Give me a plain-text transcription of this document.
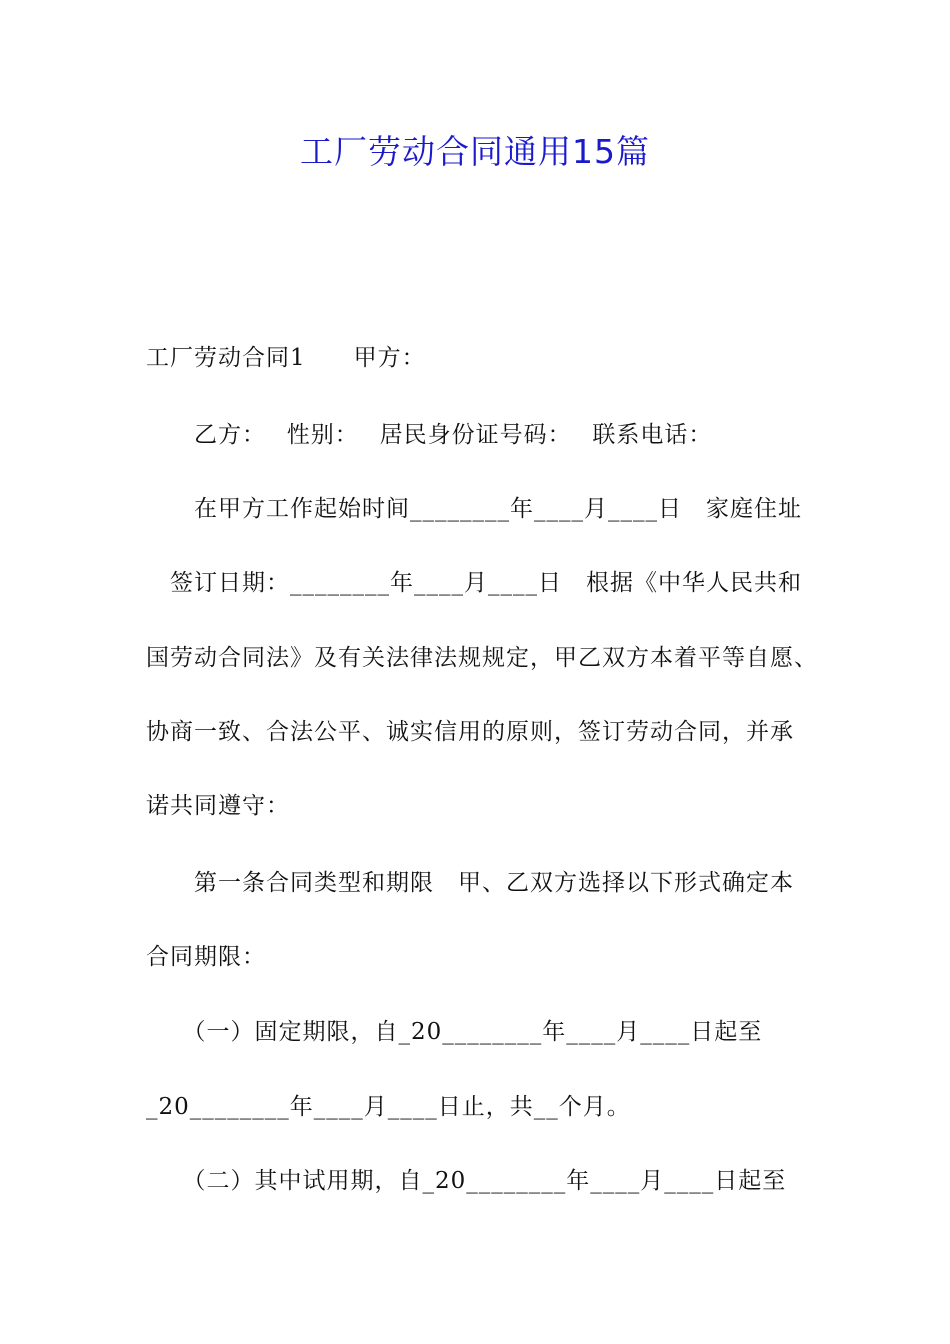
工厂劳动合同通用15篇
工厂劳动合同1　　甲方：
　　乙方：　 性别：　 居民身份证号码：　 联系电话：
　　在甲方工作起始时间________年____月____日　家庭住址
　签订日期：________年____月____日　根据《中华人民共和
国劳动合同法》及有关法律法规规定，甲乙双方本着平等自愿、
协商一致、合法公平、诚实信用的原则，签订劳动合同，并承
诺共同遵守：
　　第一条合同类型和期限　甲、乙双方选择以下形式确定本
合同期限：
　　（一）固定期限，自_20________年____月____日起至
_20________年____月____日止，共__个月。
　　（二）其中试用期，自_20________年____月____日起至
